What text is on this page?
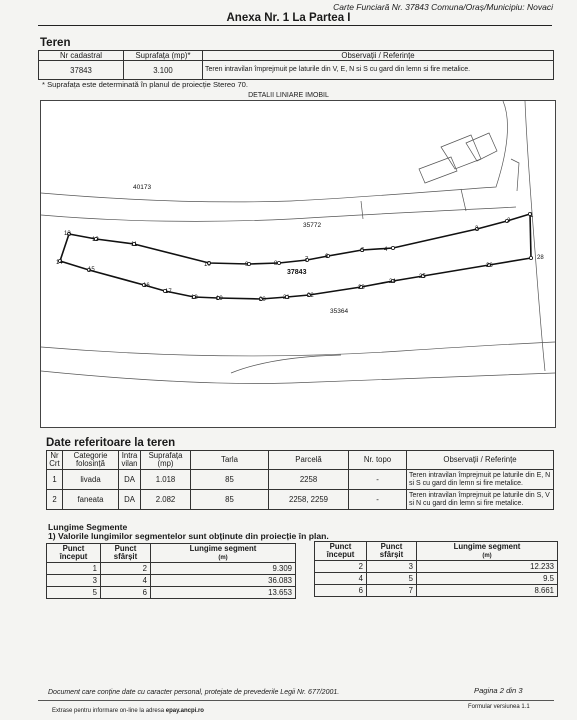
Carte Funciară Nr. 37843 Comuna/Oraș/Municipiu: Novaci
Anexa Nr. 1 La Partea I
Teren
Nr cadastral	Suprafața (mp)*	Observații / Referințe
37843	3.100	Teren intravilan împrejmuit pe laturile din V, E, N si S cu gard din lemn si fire metalice.
* Suprafața este determinată în planul de proiecție Stereo 70.
DETALII LINIARE IMOBIL
40173
35772
37843
35364
1
2
3
4
5
6
7
8
9
10
11
12
13
14
15
16
17
18	19	20	21	22
23
24
25
26
28
Date referitoare la teren
Nr Crt	Categorie folosință	Intra vilan	Suprafața (mp)	Tarla	Parcelă	Nr. topo	Observații / Referințe
1	livada	DA	1.018	85	2258	-	Teren intravilan împrejmuit pe laturile din E, N si S cu gard din lemn si fire metalice.
2	faneata	DA	2.082	85	2258, 2259	-	Teren intravilan împrejmuit pe laturile din S, V si N cu gard din lemn si fire metalice.
Lungime Segmente
1) Valorile lungimilor segmentelor sunt obținute din proiecție în plan.
Punct început	Punct sfârșit	Lungime segment
(m)
1	2	9.309
3	4	36.083
5	6	13.653
Punct început	Punct sfârșit	Lungime segment
(m)
2	3	12.233
4	5	9.5
6	7	8.661
Document care conține date cu caracter personal, protejate de prevederile Legii Nr. 677/2001.	Pagina 2 din 3
Extrase pentru informare on-line la adresa epay.ancpi.ro
Formular versiunea 1.1
